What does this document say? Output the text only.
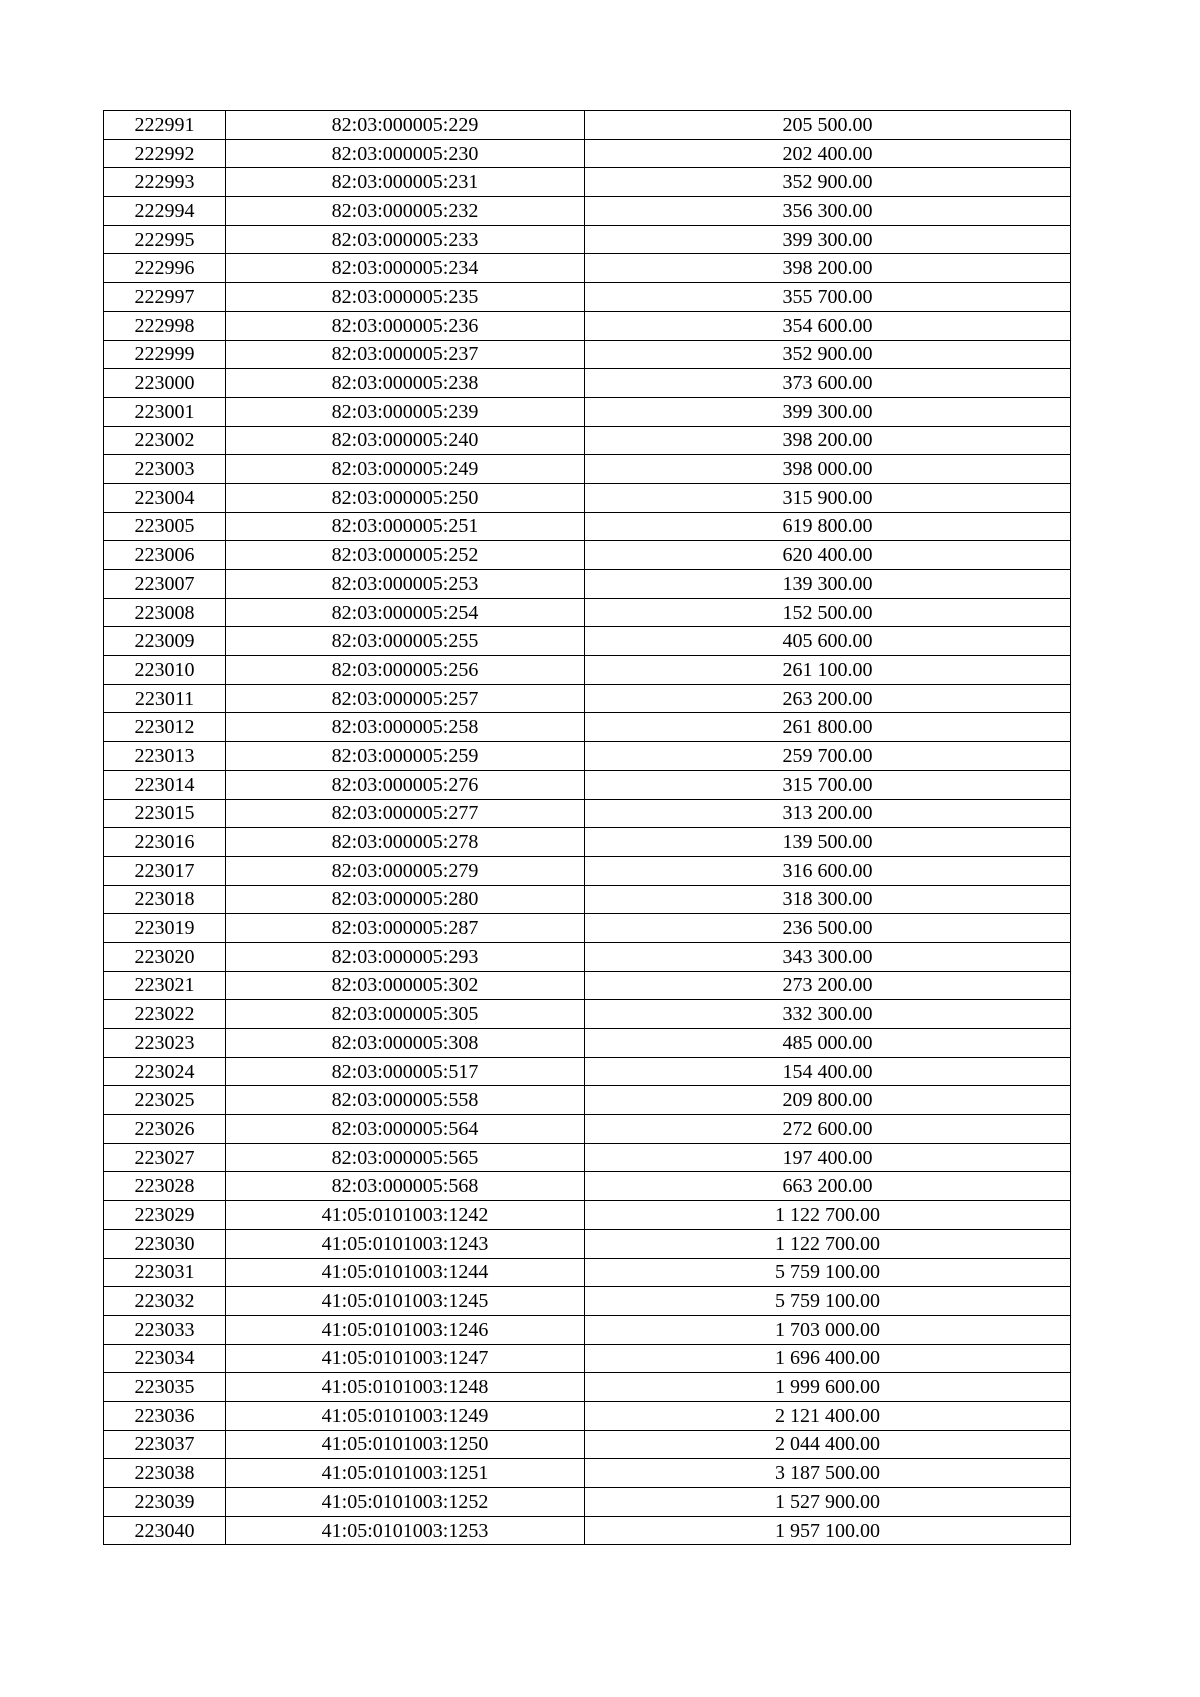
222991	82:03:000005:229	205 500.00
222992	82:03:000005:230	202 400.00
222993	82:03:000005:231	352 900.00
222994	82:03:000005:232	356 300.00
222995	82:03:000005:233	399 300.00
222996	82:03:000005:234	398 200.00
222997	82:03:000005:235	355 700.00
222998	82:03:000005:236	354 600.00
222999	82:03:000005:237	352 900.00
223000	82:03:000005:238	373 600.00
223001	82:03:000005:239	399 300.00
223002	82:03:000005:240	398 200.00
223003	82:03:000005:249	398 000.00
223004	82:03:000005:250	315 900.00
223005	82:03:000005:251	619 800.00
223006	82:03:000005:252	620 400.00
223007	82:03:000005:253	139 300.00
223008	82:03:000005:254	152 500.00
223009	82:03:000005:255	405 600.00
223010	82:03:000005:256	261 100.00
223011	82:03:000005:257	263 200.00
223012	82:03:000005:258	261 800.00
223013	82:03:000005:259	259 700.00
223014	82:03:000005:276	315 700.00
223015	82:03:000005:277	313 200.00
223016	82:03:000005:278	139 500.00
223017	82:03:000005:279	316 600.00
223018	82:03:000005:280	318 300.00
223019	82:03:000005:287	236 500.00
223020	82:03:000005:293	343 300.00
223021	82:03:000005:302	273 200.00
223022	82:03:000005:305	332 300.00
223023	82:03:000005:308	485 000.00
223024	82:03:000005:517	154 400.00
223025	82:03:000005:558	209 800.00
223026	82:03:000005:564	272 600.00
223027	82:03:000005:565	197 400.00
223028	82:03:000005:568	663 200.00
223029	41:05:0101003:1242	1 122 700.00
223030	41:05:0101003:1243	1 122 700.00
223031	41:05:0101003:1244	5 759 100.00
223032	41:05:0101003:1245	5 759 100.00
223033	41:05:0101003:1246	1 703 000.00
223034	41:05:0101003:1247	1 696 400.00
223035	41:05:0101003:1248	1 999 600.00
223036	41:05:0101003:1249	2 121 400.00
223037	41:05:0101003:1250	2 044 400.00
223038	41:05:0101003:1251	3 187 500.00
223039	41:05:0101003:1252	1 527 900.00
223040	41:05:0101003:1253	1 957 100.00
